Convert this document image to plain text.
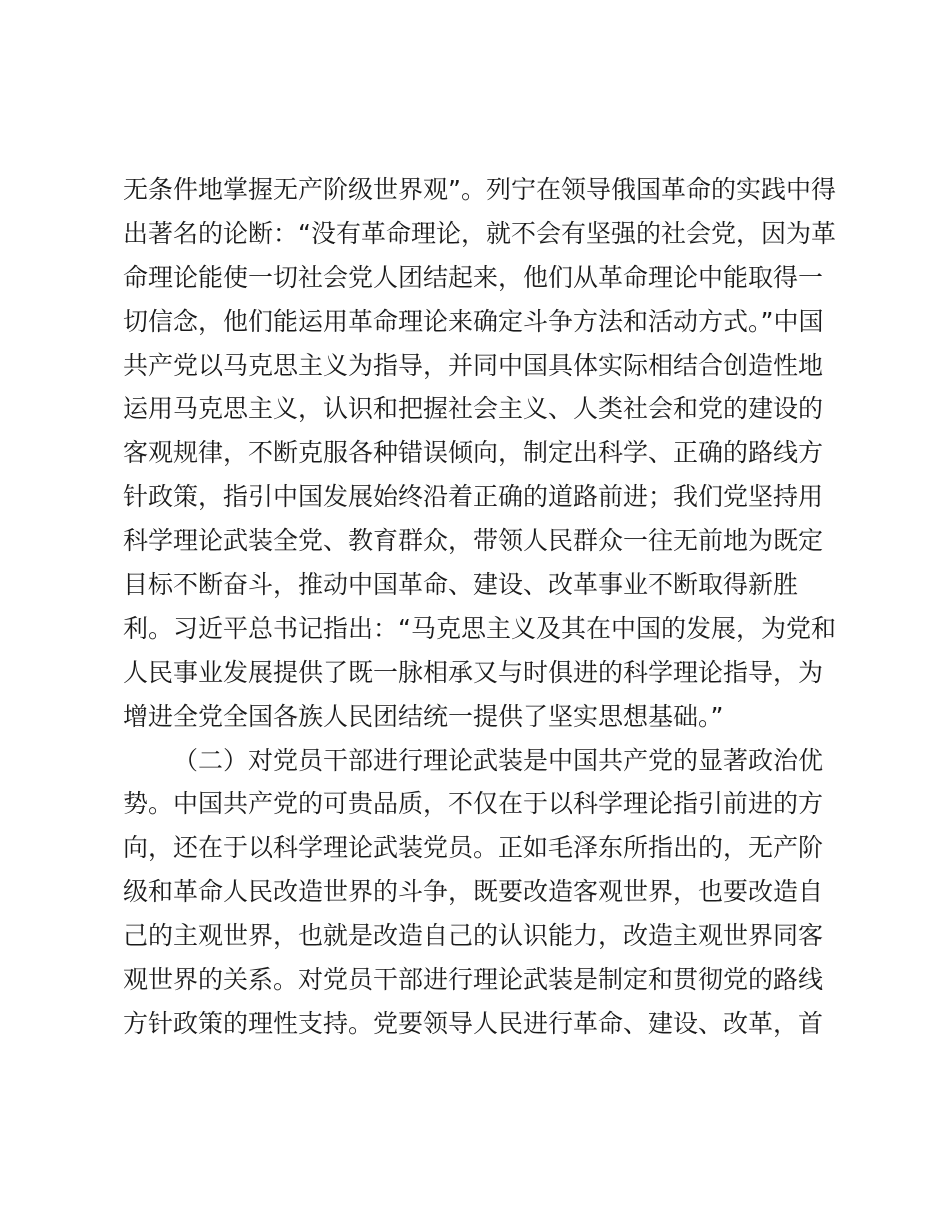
无条件地掌握无产阶级世界观”。列宁在领导俄国革命的实践中得
出著名的论断：“没有革命理论，就不会有坚强的社会党，因为革
命理论能使一切社会党人团结起来，他们从革命理论中能取得一
切信念，他们能运用革命理论来确定斗争方法和活动方式。”中国
共产党以马克思主义为指导，并同中国具体实际相结合创造性地
运用马克思主义，认识和把握社会主义、人类社会和党的建设的
客观规律，不断克服各种错误倾向，制定出科学、正确的路线方
针政策，指引中国发展始终沿着正确的道路前进；我们党坚持用
科学理论武装全党、教育群众，带领人民群众一往无前地为既定
目标不断奋斗，推动中国革命、建设、改革事业不断取得新胜
利。习近平总书记指出：“马克思主义及其在中国的发展，为党和
人民事业发展提供了既一脉相承又与时俱进的科学理论指导，为
增进全党全国各族人民团结统一提供了坚实思想基础。”
（二）对党员干部进行理论武装是中国共产党的显著政治优
势。中国共产党的可贵品质，不仅在于以科学理论指引前进的方
向，还在于以科学理论武装党员。正如毛泽东所指出的，无产阶
级和革命人民改造世界的斗争，既要改造客观世界，也要改造自
己的主观世界，也就是改造自己的认识能力，改造主观世界同客
观世界的关系。对党员干部进行理论武装是制定和贯彻党的路线
方针政策的理性支持。党要领导人民进行革命、建设、改革，首
